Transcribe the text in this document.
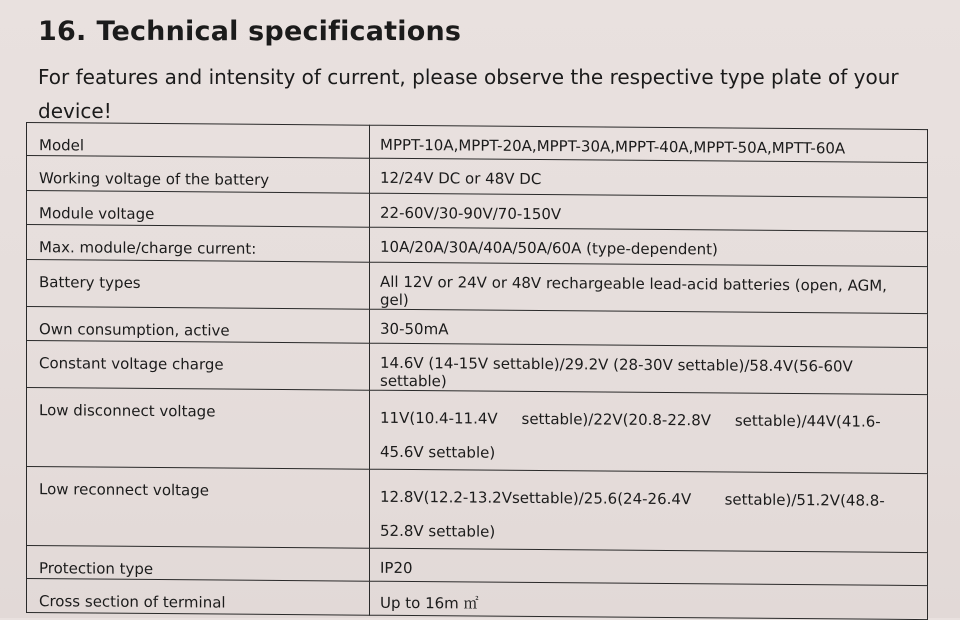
16. Technical specifications
For features and intensity of current, please observe the respective type plate of your device!
Model	MPPT-10A,MPPT-20A,MPPT-30A,MPPT-40A,MPPT-50A,MPTT-60A
Working voltage of the battery	12/24V DC or 48V DC
Module voltage	22-60V/30-90V/70-150V
Max. module/charge current:	10A/20A/30A/40A/50A/60A (type-dependent)
Battery types	All 12V or 24V or 48V rechargeable lead-acid batteries (open, AGM, gel)
Own consumption, active	30-50mA
Constant voltage charge	14.6V (14-15V settable)/29.2V (28-30V settable)/58.4V(56-60V settable)
Low disconnect voltage	11V(10.4-11.4V     settable)/22V(20.8-22.8V     settable)/44V(41.6-45.6V settable)
Low reconnect voltage	12.8V(12.2-13.2Vsettable)/25.6(24-26.4V       settable)/51.2V(48.8-52.8V settable)
Protection type	IP20
Cross section of terminal	Up to 16m ㎡
